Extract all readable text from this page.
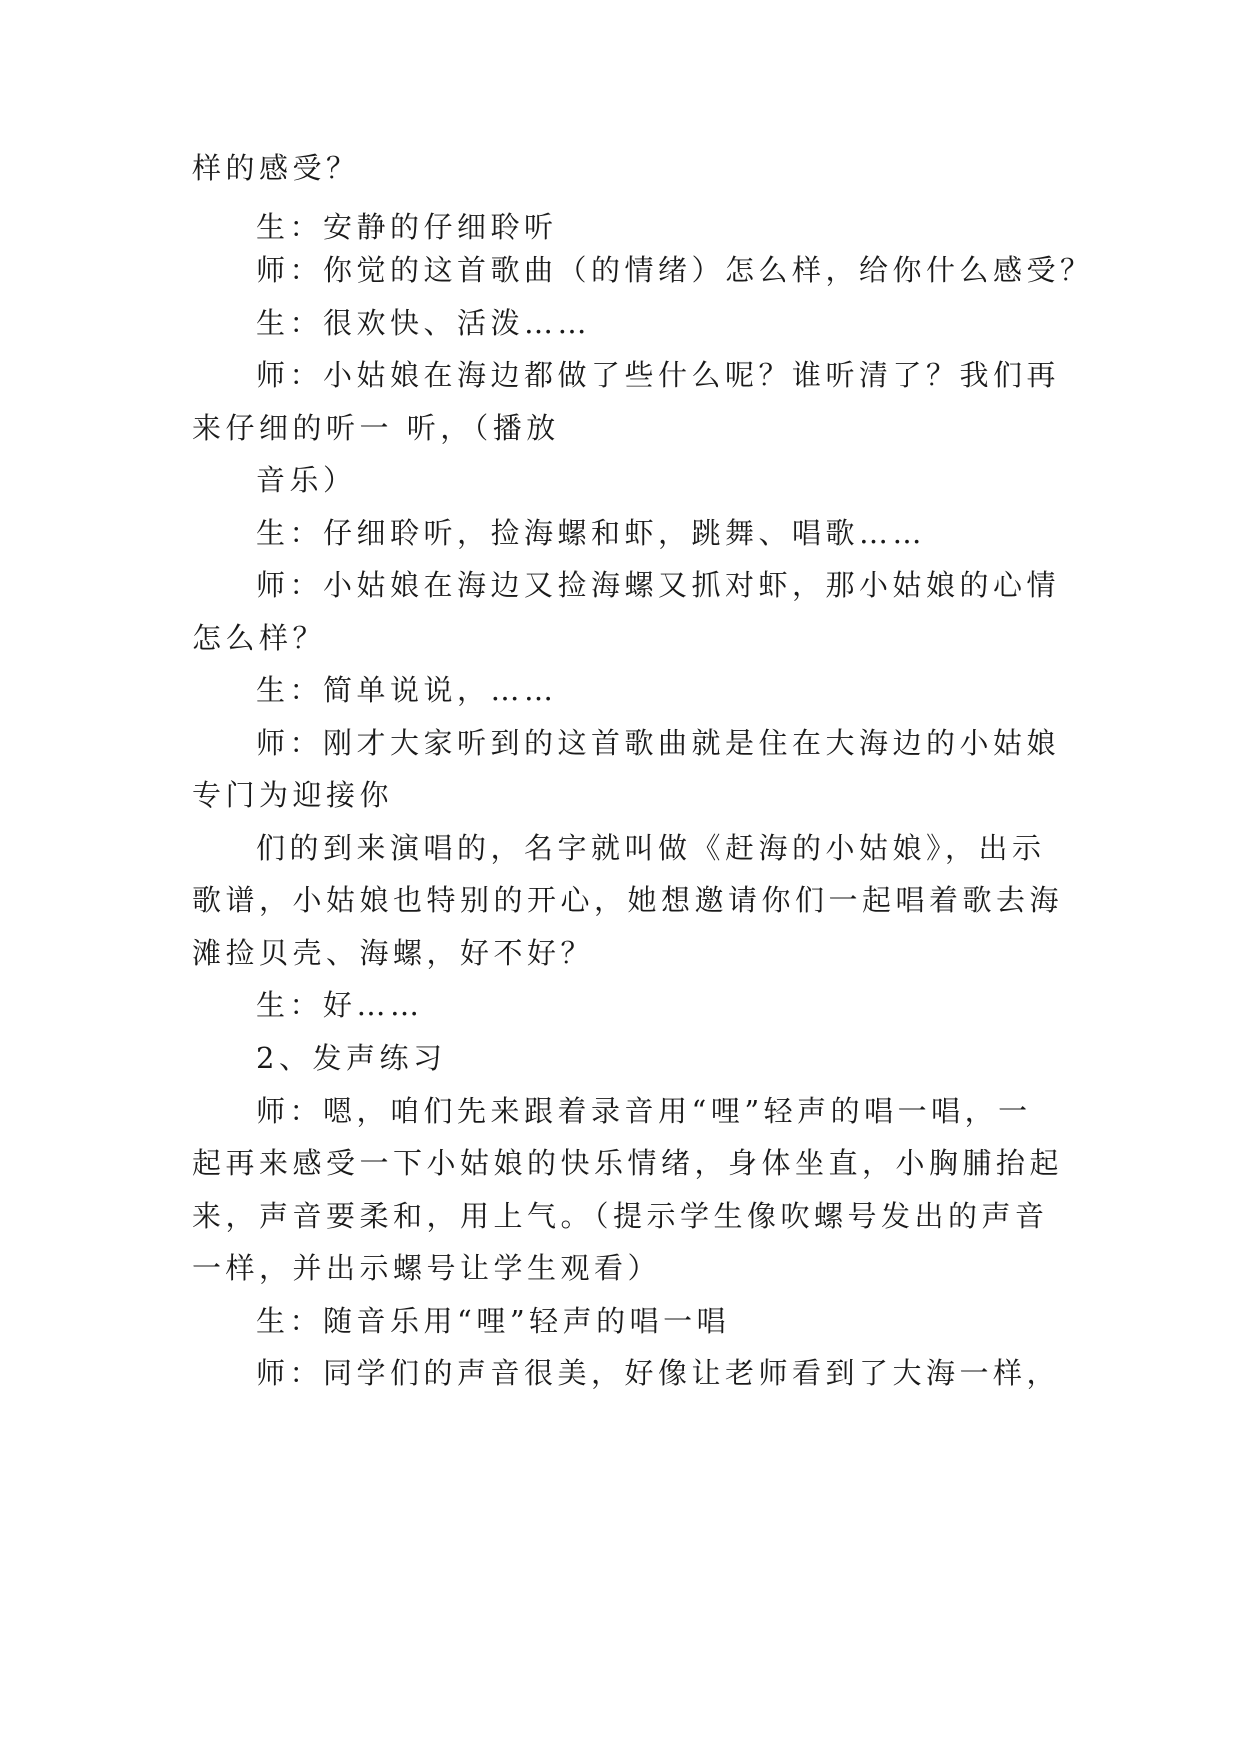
样的感受？
生：安静的仔细聆听
师：你觉的这首歌曲（的情绪）怎么样，给你什么感受？
生：很欢快、活泼……
师：小姑娘在海边都做了些什么呢？谁听清了？我们再
来仔细的听一 听，（播放
音乐）
生：仔细聆听，捡海螺和虾，跳舞、唱歌……
师：小姑娘在海边又捡海螺又抓对虾，那小姑娘的心情
怎么样？
生：简单说说，……
师：刚才大家听到的这首歌曲就是住在大海边的小姑娘
专门为迎接你
们的到来演唱的，名字就叫做《赶海的小姑娘》，出示
歌谱，小姑娘也特别的开心，她想邀请你们一起唱着歌去海
滩捡贝壳、海螺，好不好？
生：好……
2、发声练习
师：嗯，咱们先来跟着录音用“哩”轻声的唱一唱，一
起再来感受一下小姑娘的快乐情绪，身体坐直，小胸脯抬起
来，声音要柔和，用上气。（提示学生像吹螺号发出的声音
一样，并出示螺号让学生观看）
生：随音乐用“哩”轻声的唱一唱
师：同学们的声音很美，好像让老师看到了大海一样，
